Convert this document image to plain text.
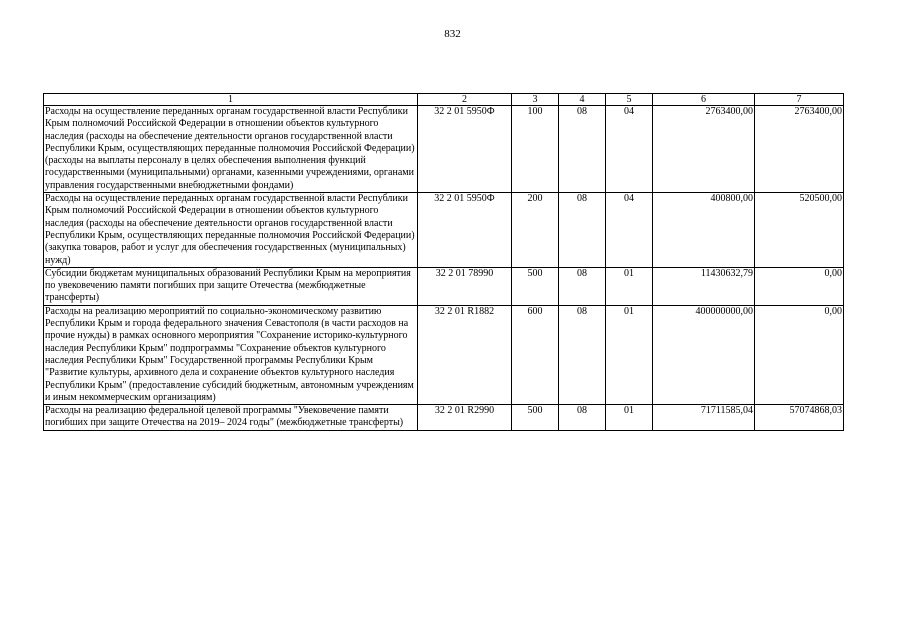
832
1	2	3	4	5	6	7
Расходы на осуществление переданных органам государственной власти Республики Крым полномочий Российской Федерации в отношении объектов культурного наследия (расходы на обеспечение деятельности органов государственной власти Республики Крым, осуществляющих переданные полномочия Российской Федерации) (расходы на выплаты персоналу в целях обеспечения выполнения функций государственными (муниципальными) органами, казенными учреждениями, органами управления государственными внебюджетными фондами)	32 2 01 5950Ф	100	08	04	2763400,00	2763400,00
Расходы на осуществление переданных органам государственной власти Республики Крым полномочий Российской Федерации в отношении объектов культурного наследия (расходы на обеспечение деятельности органов государственной власти Республики Крым, осуществляющих переданные полномочия Российской Федерации) (закупка товаров, работ и услуг для обеспечения государственных (муниципальных) нужд)	32 2 01 5950Ф	200	08	04	400800,00	520500,00
Субсидии бюджетам муниципальных образований Республики Крым на мероприятия по увековечению памяти погибших при защите Отечества (межбюджетные трансферты)	32 2 01 78990	500	08	01	11430632,79	0,00
Расходы на реализацию мероприятий по социально-экономическому развитию Республики Крым и города федерального значения Севастополя (в части расходов на прочие нужды) в рамках основного мероприятия "Сохранение историко-культурного наследия Республики Крым" подпрограммы "Сохранение объектов культурного наследия Республики Крым" Государственной программы Республики Крым "Развитие культуры, архивного дела и сохранение объектов культурного наследия Республики Крым" (предоставление субсидий бюджетным, автономным учреждениям и иным некоммерческим организациям)	32 2 01 R1882	600	08	01	400000000,00	0,00
Расходы на реализацию федеральной целевой программы "Увековечение памяти погибших при защите Отечества на 2019– 2024 годы" (межбюджетные трансферты)	32 2 01 R2990	500	08	01	71711585,04	57074868,03
